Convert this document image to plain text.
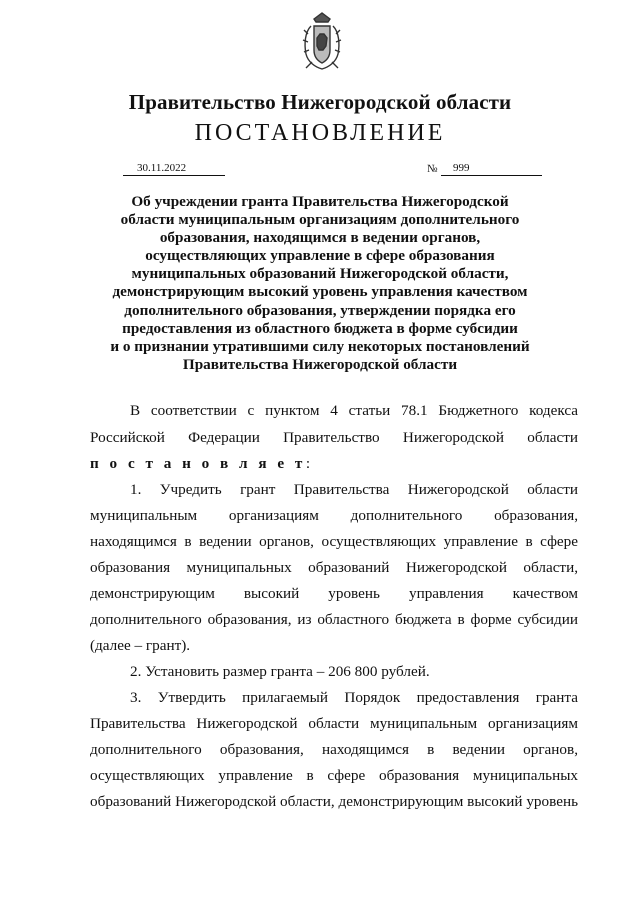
Правительство Нижегородской области
ПОСТАНОВЛЕНИЕ
30.11.2022	№	999
Об учреждении гранта Правительства Нижегородской
области муниципальным организациям дополнительного
образования, находящимся в ведении органов,
осуществляющих управление в сфере образования
муниципальных образований Нижегородской области,
демонстрирующим высокий уровень управления качеством
дополнительного образования, утверждении порядка его
предоставления из областного бюджета в форме субсидии
и о признании утратившими силу некоторых постановлений
Правительства Нижегородской области
В соответствии с пунктом 4 статьи 78.1 Бюджетного кодекса
Российской Федерации Правительство Нижегородской области
п о с т а н о в л я е т:
1. Учредить грант Правительства Нижегородской области
муниципальным организациям дополнительного образования,
находящимся в ведении органов, осуществляющих управление в сфере
образования муниципальных образований Нижегородской области,
демонстрирующим высокий уровень управления качеством
дополнительного образования, из областного бюджета в форме субсидии
(далее – грант).
2. Установить размер гранта – 206 800 рублей.
3. Утвердить прилагаемый Порядок предоставления гранта
Правительства Нижегородской области муниципальным организациям
дополнительного образования, находящимся в ведении органов,
осуществляющих управление в сфере образования муниципальных
образований Нижегородской области, демонстрирующим высокий уровень
